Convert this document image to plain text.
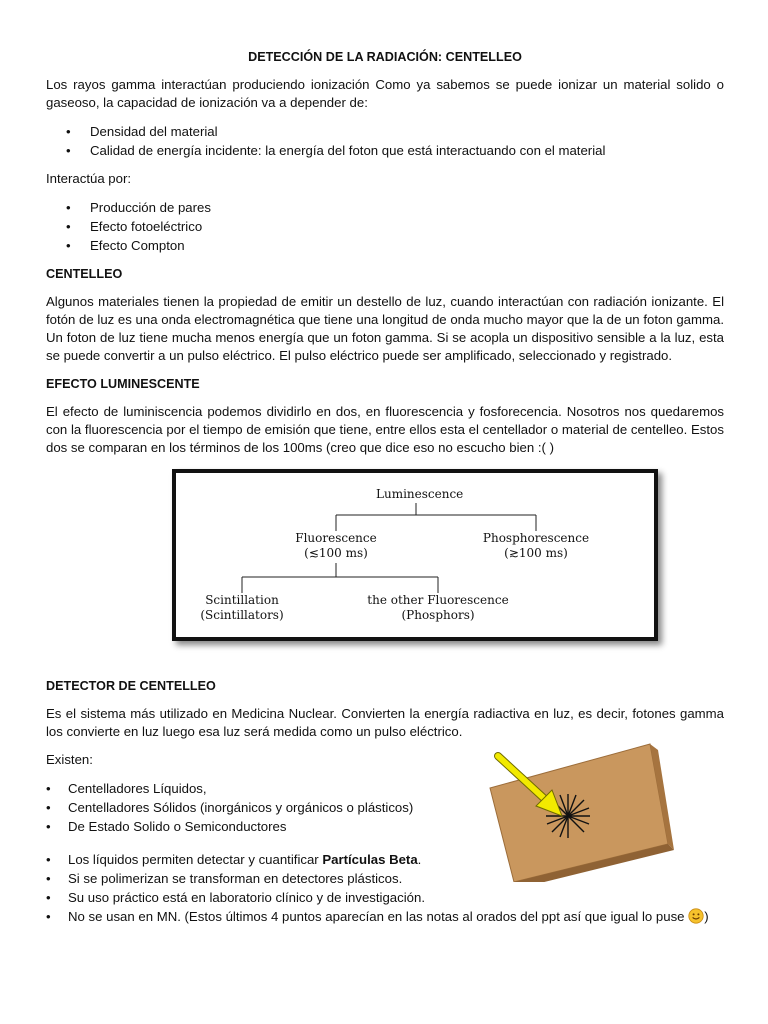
DETECCIÓN DE LA RADIACIÓN: CENTELLEO

Los rayos gamma interactúan produciendo ionización Como ya sabemos se puede ionizar un material solido o gaseoso, la capacidad de ionización va a depender de:

• Densidad del material
• Calidad de energía incidente: la energía del foton que está interactuando con el material

Interactúa por:

• Producción de pares
• Efecto fotoeléctrico
• Efecto Compton
CENTELLEO

Algunos materiales tienen la propiedad de emitir un destello de luz, cuando interactúan con radiación ionizante. El fotón de luz es una onda electromagnética que tiene una longitud de onda mucho mayor que la de un foton gamma. Un foton de luz tiene mucha menos energía que un foton gamma. Si se acopla un dispositivo sensible a la luz, esta se puede convertir a un pulso eléctrico. El pulso eléctrico puede ser amplificado, seleccionado y registrado.

EFECTO LUMINESCENTE

El efecto de luminiscencia podemos dividirlo en dos, en fluorescencia y fosforecencia. Nosotros nos quedaremos con la fluorescencia por el tiempo de emisión que tiene, entre ellos esta el centellador o material de centelleo. Estos dos se comparan en los términos de los 100ms (creo que dice eso no escucho bien :( )

Luminescence
Fluorescence
(≲100 ms)
Phosphorescence
(≳100 ms)
Scintillation
(Scintillators)
the other Fluorescence
(Phosphors)
DETECTOR DE CENTELLEO

Es el sistema más utilizado en Medicina Nuclear. Convierten la energía radiactiva en luz, es decir, fotones gamma los convierte en luz luego esa luz será medida como un pulso eléctrico.

Existen:

• Centelladores Líquidos,
• Centelladores Sólidos (inorgánicos y orgánicos o plásticos)
• De Estado Solido o Semiconductores
• Los líquidos permiten detectar y cuantificar Partículas Beta.
• Si se polimerizan se transforman en detectores plásticos.
• Su uso práctico está en laboratorio clínico y de investigación.
• No se usan en MN. (Estos últimos 4 puntos aparecían en las notas al orados del ppt así que igual lo puse )
